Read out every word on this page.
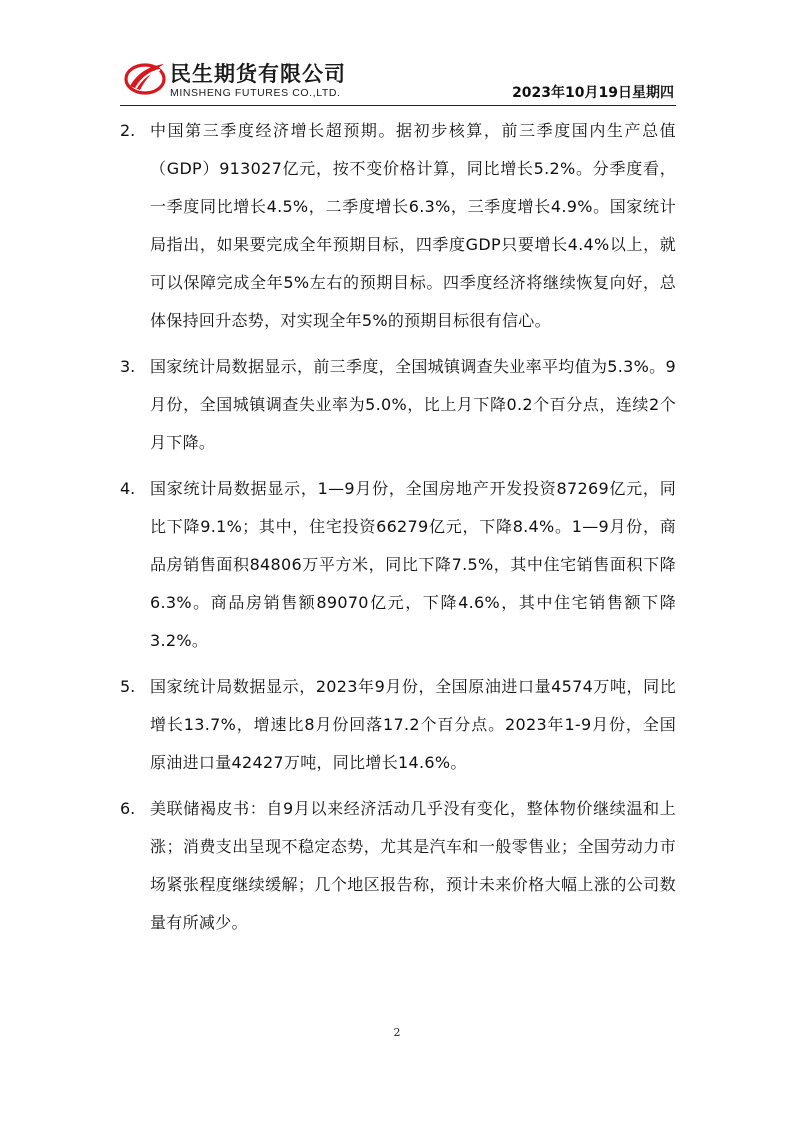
民生期货有限公司
MINSHENG FUTURES CO.,LTD.	2023年10月19日星期四
2. 中国第三季度经济增长超预期。据初步核算，前三季度国内生产总值（GDP）913027亿元，按不变价格计算，同比增长5.2%。分季度看，一季度同比增长4.5%，二季度增长6.3%，三季度增长4.9%。国家统计局指出，如果要完成全年预期目标，四季度GDP只要增长4.4%以上，就可以保障完成全年5%左右的预期目标。四季度经济将继续恢复向好，总体保持回升态势，对实现全年5%的预期目标很有信心。
3. 国家统计局数据显示，前三季度，全国城镇调查失业率平均值为5.3%。9月份，全国城镇调查失业率为5.0%，比上月下降0.2个百分点，连续2个月下降。
4. 国家统计局数据显示，1—9月份，全国房地产开发投资87269亿元，同比下降9.1%；其中，住宅投资66279亿元，下降8.4%。1—9月份，商品房销售面积84806万平方米，同比下降7.5%，其中住宅销售面积下降6.3%。商品房销售额89070亿元，下降4.6%，其中住宅销售额下降3.2%。
5. 国家统计局数据显示，2023年9月份，全国原油进口量4574万吨，同比增长13.7%，增速比8月份回落17.2个百分点。2023年1-9月份，全国原油进口量42427万吨，同比增长14.6%。
6. 美联储褐皮书：自9月以来经济活动几乎没有变化，整体物价继续温和上涨；消费支出呈现不稳定态势，尤其是汽车和一般零售业；全国劳动力市场紧张程度继续缓解；几个地区报告称，预计未来价格大幅上涨的公司数量有所减少。
2
